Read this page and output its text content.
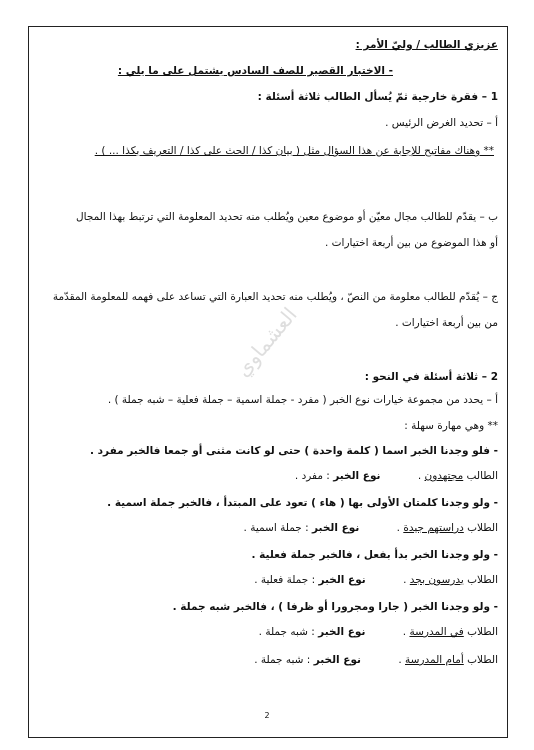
العشماوي
عزيزي الطالب / وليّ الأمر :
- الاختبار القصير للصف السادس يشتمل على ما يلي :
1 – فقرة خارجية ثمّ يُسأل الطالب ثلاثة أسئلة :
أ – تحديد الغرض الرئيس .
** وهناك مفاتيح للإجابة عن هذا السؤال مثل ( بيان كذا / الحث على كذا / التعريف بكذا ... ) .
ب – يقدّم للطالب مجال معيّن أو موضوع معين ويُطلب منه تحديد المعلومة التي ترتبط بهذا المجال
أو هذا الموضوع من بين أربعة اختيارات .
ج – يُقدّم للطالب معلومة من النصّ ، ويُطلب منه تحديد العبارة التي تساعد على فهمه للمعلومة المقدّمة
من بين أربعة اختيارات .
2 – ثلاثة أسئلة في النحو :
أ – يحدد من مجموعة خيارات نوع الخبر ( مفرد - جملة اسمية – جملة فعلية – شبه جملة ) .
** وهي مهارة سهلة :
- فلو وجدنا الخبر اسما ( كلمة واحدة ) حتى لو كانت مثنى أو جمعا فالخبر مفرد .
الطالب مجتهدون . نوع الخبر : مفرد .
- ولو وجدنا كلمتان الأولى بها ( هاء ) تعود على المبتدأ ، فالخبر جملة اسمية .
الطلاب دراستهم جيدة . نوع الخبر : جملة اسمية .
- ولو وجدنا الخبر بدأ بفعل ، فالخبر جملة فعلية .
الطلاب يدرسون بجد . نوع الخبر : جملة فعلية .
- ولو وجدنا الخبر ( جارا ومجرورا أو ظرفا ) ، فالخبر شبه جملة .
الطلاب في المدرسة . نوع الخبر : شبه جملة .
الطلاب أمام المدرسة . نوع الخبر : شبه جملة .
2
